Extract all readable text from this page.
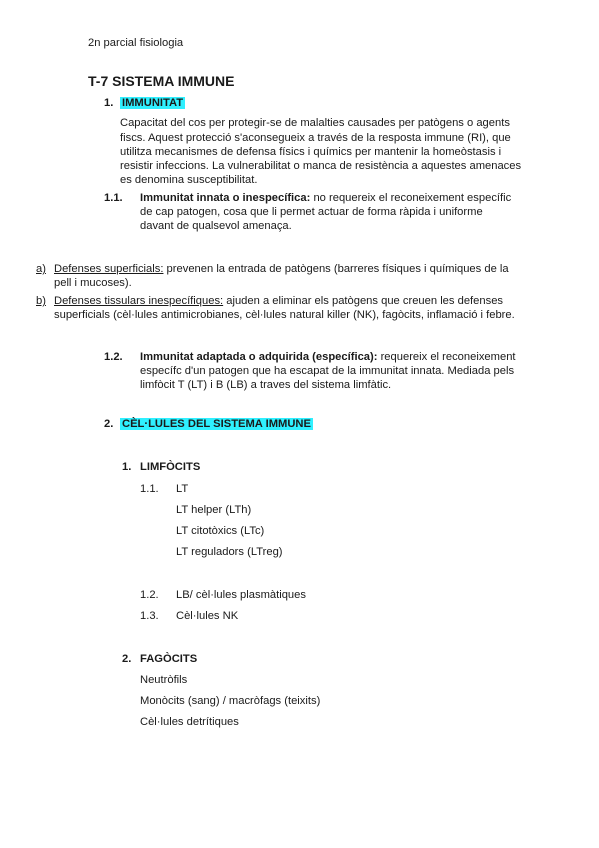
2n parcial fisiologia
T-7 SISTEMA IMMUNE
1. IMMUNITAT
Capacitat del cos per protegir-se de malalties causades per patògens o agents
fiscs. Aquest protecció s'aconsegueix a través de la resposta immune (RI), que
utilitza mecanismes de defensa físics i químics per mantenir la homeòstasis i
resistir infeccions. La vulnerabilitat o manca de resistència a aquestes amenaces
es denomina susceptibilitat.
1.1. Immunitat innata o inespecífica: no requereix el reconeixement específic
de cap patogen, cosa que li permet actuar de forma ràpida i uniforme
davant de qualsevol amenaça.
a) Defenses superficials: prevenen la entrada de patògens (barreres físiques i químiques de la
pell i mucoses).
b) Defenses tissulars inespecífiques: ajuden a eliminar els patògens que creuen les defenses
superficials (cèl·lules antimicrobianes, cèl·lules natural killer (NK), fagòcits, inflamació i febre.
1.2. Immunitat adaptada o adquirida (específica): requereix el reconeixement
específc d'un patogen que ha escapat de la immunitat innata. Mediada pels
limfòcit T (LT) i B (LB) a traves del sistema limfàtic.
2. CÈL·LULES DEL SISTEMA IMMUNE
1. LIMFÒCITS
1.1. LT
LT helper (LTh)
LT citotòxics (LTc)
LT reguladors (LTreg)
1.2. LB/ cèl·lules plasmàtiques
1.3. Cèl·lules NK
2. FAGÒCITS
Neutròfils
Monòcits (sang) / macròfags (teixits)
Cèl·lules detrítiques
